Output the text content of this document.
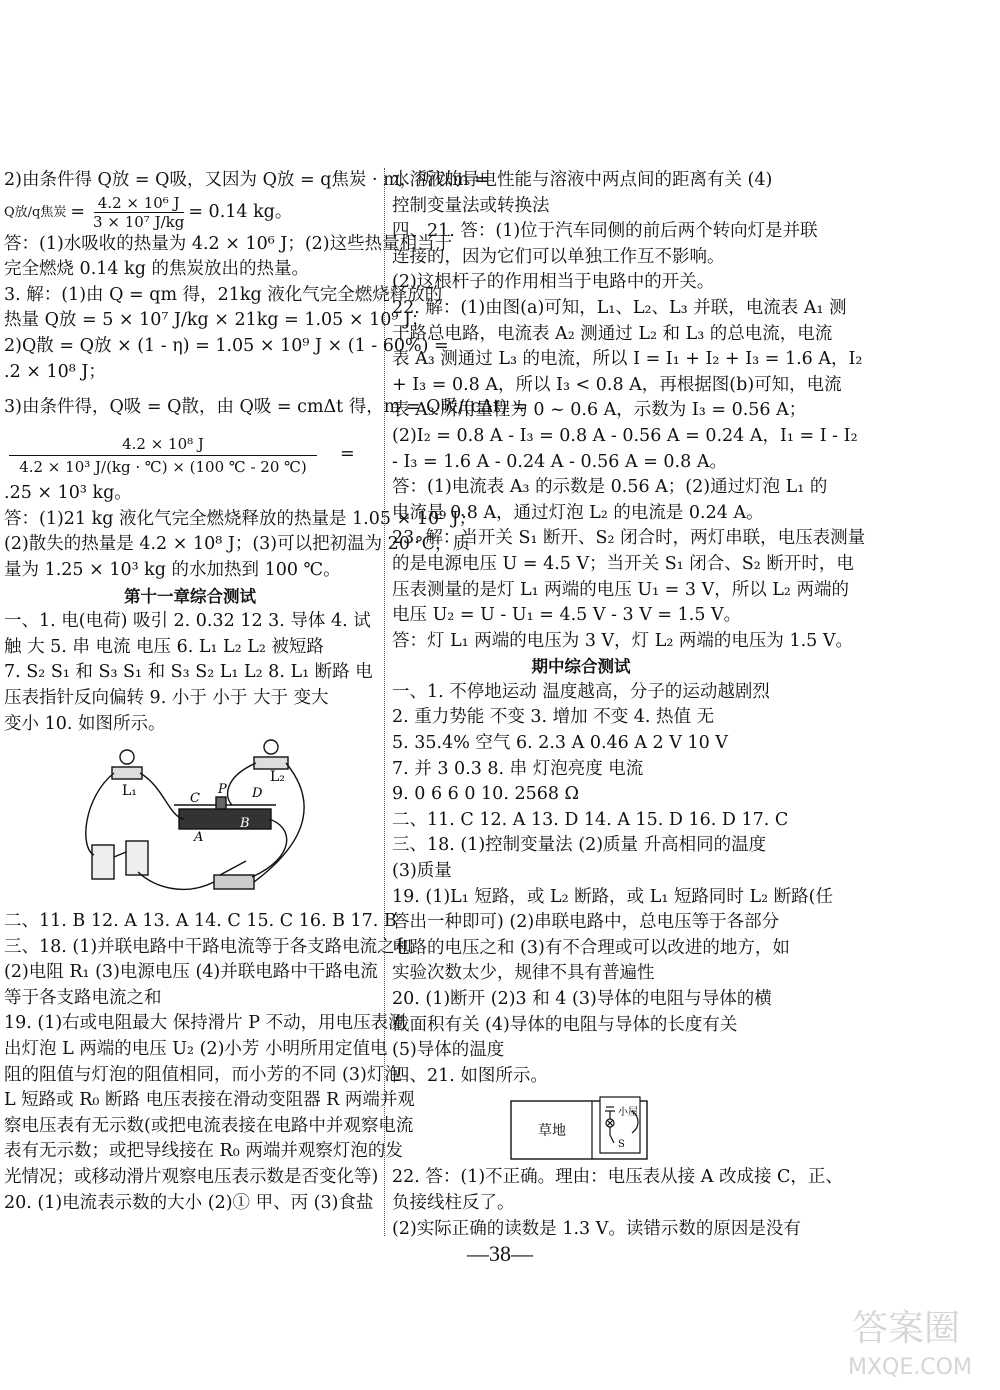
2)由条件得 Q放 = Q吸，又因为 Q放 = q焦炭 · m，所以m =
Q放/q焦炭 = $\frac{\text{4.2 × 10⁶ J}}{\text{3 × 10⁷ J/kg}} = 0.14$ kg。
答：(1)水吸收的热量为 4.2 × 10⁶ J；(2)这些热量相当于
完全燃烧 0.14 kg 的焦炭放出的热量。
3. 解：(1)由 Q = qm 得，21kg 液化气完全燃烧释放的
热量 Q放 = 5 × 10⁷ J/kg × 21kg = 1.05 × 10⁹ J；
2)Q散 = Q放 × (1 - η) = 1.05 × 10⁹ J × (1 - 60%) =
.2 × 10⁸ J；
3)由条件得，Q吸 = Q散，由 Q吸 = cmΔt 得，m = Q吸/(cΔt) =
$\frac{\text{4.2 × 10⁸ J}}{\text{4.2 × 10³ J/(kg · ℃) × (100 ℃ - 20 ℃)}}$ =
.25 × 10³ kg。
答：(1)21 kg 液化气完全燃烧释放的热量是 1.05 × 10⁹ J；
(2)散失的热量是 4.2 × 10⁸ J；(3)可以把初温为 20 ℃，质
量为 1.25 × 10³ kg 的水加热到 100 ℃。
第十一章综合测试
一、1. 电(电荷) 吸引 2. 0.32 12 3. 导体 4. 试
触 大 5. 串 电流 电压 6. L₁ L₂ L₂ 被短路
7. S₂ S₁ 和 S₃ S₁ 和 S₃ S₂ L₁ L₂ 8. L₁ 断路 电
压表指针反向偏转 9. 小于 小于 大于 变大
变小 10. 如图所示。
L₁
L₂
C
P D
B
A
二、11. B 12. A 13. A 14. C 15. C 16. B 17. B
三、18. (1)并联电路中干路电流等于各支路电流之和
(2)电阻 R₁ (3)电源电压 (4)并联电路中干路电流
等于各支路电流之和
19. (1)右或电阻最大 保持滑片 P 不动，用电压表测
出灯泡 L 两端的电压 U₂ (2)小芳 小明所用定值电
阻的阻值与灯泡的阻值相同，而小芳的不同 (3)灯泡
L 短路或 R₀ 断路 电压表接在滑动变阻器 R 两端并观
察电压表有无示数(或把电流表接在电路中并观察电流
表有无示数；或把导线接在 R₀ 两端并观察灯泡的发
光情况；或移动滑片观察电压表示数是否变化等)
20. (1)电流表示数的大小 (2)① 甲、丙 (3)食盐
水溶液的导电性能与溶液中两点间的距离有关 (4)
控制变量法或转换法
四、21. 答：(1)位于汽车同侧的前后两个转向灯是并联
连接的，因为它们可以单独工作互不影响。
(2)这根杆子的作用相当于电路中的开关。
22. 解：(1)由图(a)可知，L₁、L₂、L₃ 并联，电流表 A₁ 测
干路总电路，电流表 A₂ 测通过 L₂ 和 L₃ 的总电流，电流
表 A₃ 测通过 L₃ 的电流，所以 I = I₁ + I₂ + I₃ = 1.6 A，I₂
+ I₃ = 0.8 A，所以 I₃ < 0.8 A，再根据图(b)可知，电流
表 A₃ 所用量程为 0 ~ 0.6 A，示数为 I₃ = 0.56 A；
(2)I₂ = 0.8 A - I₃ = 0.8 A - 0.56 A = 0.24 A，I₁ = I - I₂
- I₃ = 1.6 A - 0.24 A - 0.56 A = 0.8 A。
答：(1)电流表 A₃ 的示数是 0.56 A；(2)通过灯泡 L₁ 的
电流是 0.8 A，通过灯泡 L₂ 的电流是 0.24 A。
23. 解：当开关 S₁ 断开、S₂ 闭合时，两灯串联，电压表测量
的是电源电压 U = 4.5 V；当开关 S₁ 闭合、S₂ 断开时，电
压表测量的是灯 L₁ 两端的电压 U₁ = 3 V，所以 L₂ 两端的
电压 U₂ = U - U₁ = 4.5 V - 3 V = 1.5 V。
答：灯 L₁ 两端的电压为 3 V，灯 L₂ 两端的电压为 1.5 V。
期中综合测试
一、1. 不停地运动 温度越高，分子的运动越剧烈
2. 重力势能 不变 3. 增加 不变 4. 热值 无
5. 35.4% 空气 6. 2.3 A 0.46 A 2 V 10 V
7. 并 3 0.3 8. 串 灯泡亮度 电流
9. 0 6 6 0 10. 2568 Ω
二、11. C 12. A 13. D 14. A 15. D 16. D 17. C
三、18. (1)控制变量法 (2)质量 升高相同的温度
(3)质量
19. (1)L₁ 短路，或 L₂ 断路，或 L₁ 短路同时 L₂ 断路(任
答出一种即可) (2)串联电路中，总电压等于各部分
电路的电压之和 (3)有不合理或可以改进的地方，如
实验次数太少，规律不具有普遍性
20. (1)断开 (2)3 和 4 (3)导体的电阻与导体的横
截面积有关 (4)导体的电阻与导体的长度有关
(5)导体的温度
四、21. 如图所示。
草地
小屋
S
22. 答：(1)不正确。理由：电压表从接 A 改成接 C，正、
负接线柱反了。
(2)实际正确的读数是 1.3 V。读错示数的原因是没有
—38—
答案圈
MXQE.COM
